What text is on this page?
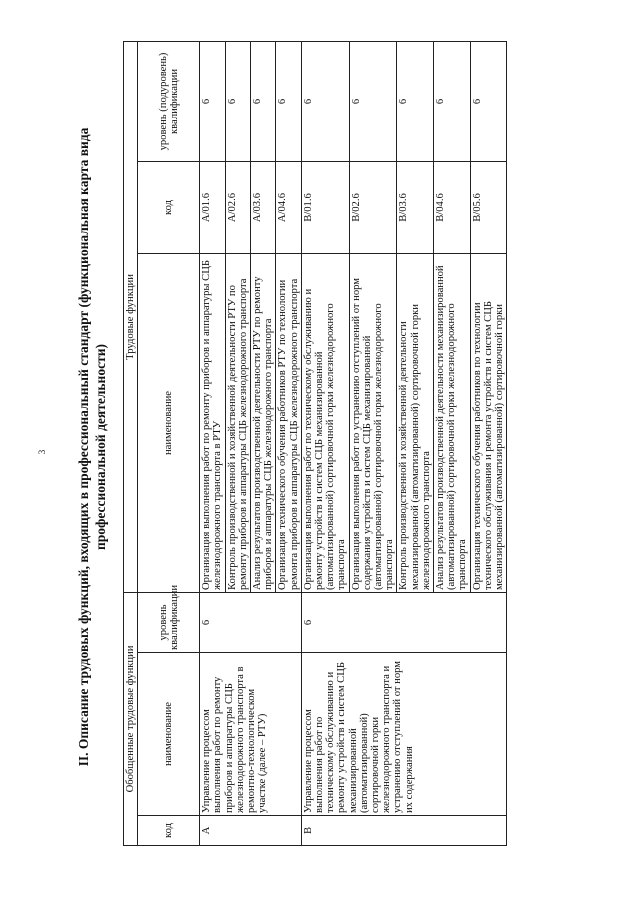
3 II. Описание трудовых функций, входящих в профессиональный стандарт (функциональная карта вида профессиональной деятельности)
Обобщенные трудовые функции			Трудовые функции		
код	наименование	уровень квалификации	наименование	код	уровень (подуровень) квалификации
А	Управление процессом выполнения работ по ремонту приборов и аппаратуры СЦБ железнодорожного транспорта в ремонтно-технологическом участке (далее – РТУ)	6	Организация выполнения работ по ремонту приборов и аппаратуры СЦБ железнодорожного транспорта в РТУ	A/01.6	6
			Контроль производственной и хозяйственной деятельности РТУ по ремонту приборов и аппаратуры СЦБ железнодорожного транспорта	A/02.6	6
			Анализ результатов производственной деятельности РТУ по ремонту приборов и аппаратуры СЦБ железнодорожного транспорта	A/03.6	6
			Организация технического обучения работников РТУ по технологии ремонта приборов и аппаратуры СЦБ железнодорожного транспорта	A/04.6	6
В	Управление процессом выполнения работ по техническому обслуживанию и ремонту устройств и систем СЦБ механизированной (автоматизированной) сортировочной горки железнодорожного транспорта и устранению отступлений от норм их содержания	6	Организация выполнения работ по техническому обслуживанию и ремонту устройств и систем СЦБ механизированной (автоматизированной) сортировочной горки железнодорожного транспорта	B/01.6	6
			Организация выполнения работ по устранению отступлений от норм содержания устройств и систем СЦБ механизированной (автоматизированной) сортировочной горки железнодорожного транспорта	B/02.6	6
			Контроль производственной и хозяйственной деятельности механизированной (автоматизированной) сортировочной горки железнодорожного транспорта	B/03.6	6
			Анализ результатов производственной деятельности механизированной (автоматизированной) сортировочной горки железнодорожного транспорта	B/04.6	6
			Организация технического обучения работников по технологии технического обслуживания и ремонта устройств и систем СЦБ механизированной (автоматизированной) сортировочной горки	B/05.6	6
